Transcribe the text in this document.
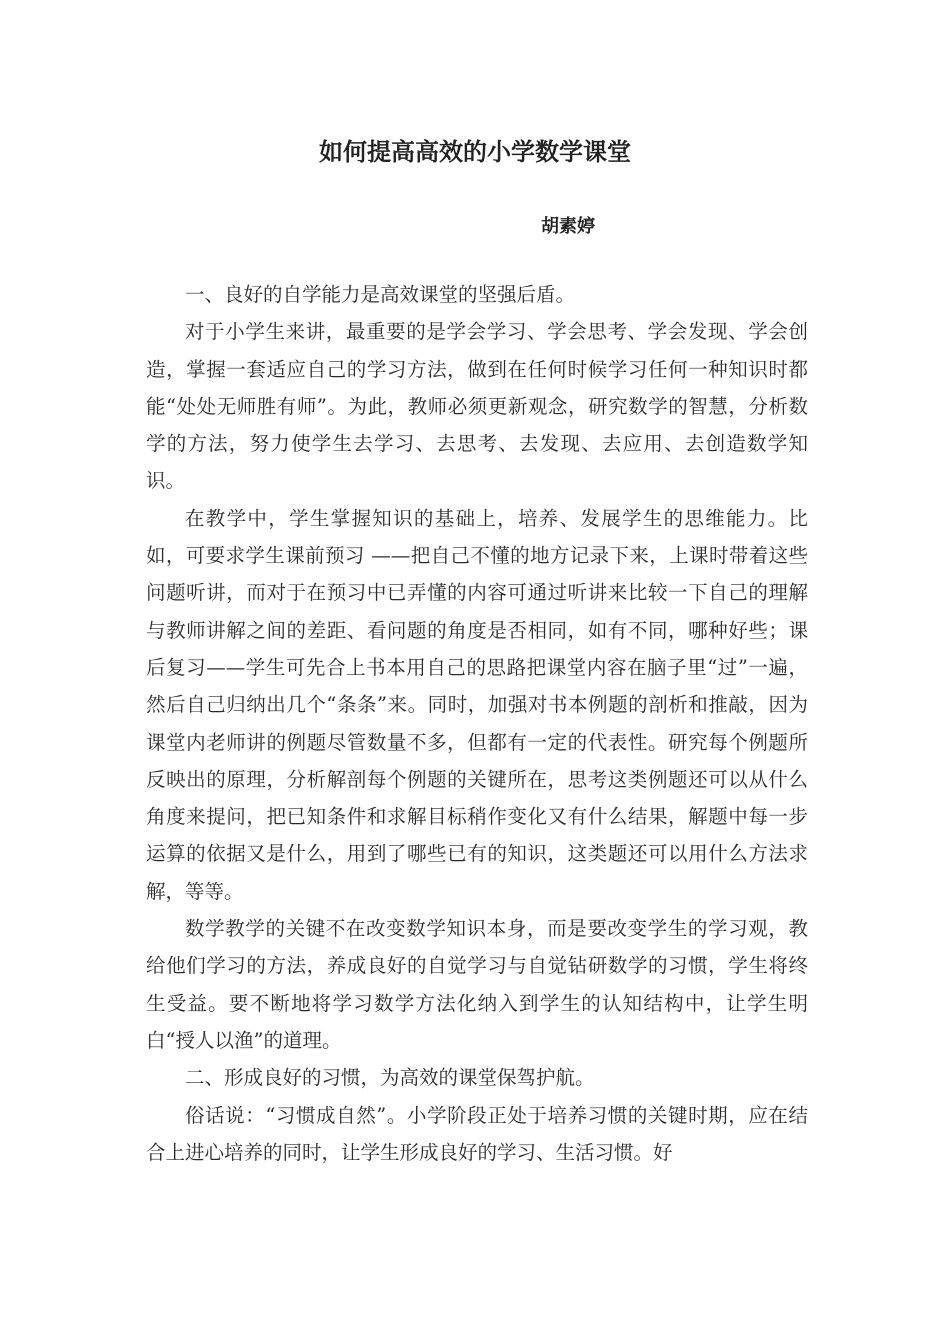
如何提高高效的小学数学课堂
胡素婷

一、良好的自学能力是高效课堂的坚强后盾。

对于小学生来讲，最重要的是学会学习、学会思考、学会发现、学会创造，掌握一套适应自己的学习方法，做到在任何时候学习任何一种知识时都能“处处无师胜有师”。为此，教师必须更新观念，研究数学的智慧，分析数学的方法，努力使学生去学习、去思考、去发现、去应用、去创造数学知识。

在教学中，学生掌握知识的基础上，培养、发展学生的思维能力。比如，可要求学生课前预习 ——把自己不懂的地方记录下来，上课时带着这些问题听讲，而对于在预习中已弄懂的内容可通过听讲来比较一下自己的理解与教师讲解之间的差距、看问题的角度是否相同，如有不同，哪种好些；课后复习——学生可先合上书本用自己的思路把课堂内容在脑子里“过”一遍，然后自己归纳出几个“条条”来。同时，加强对书本例题的剖析和推敲，因为课堂内老师讲的例题尽管数量不多，但都有一定的代表性。研究每个例题所反映出的原理，分析解剖每个例题的关键所在，思考这类例题还可以从什么角度来提问，把已知条件和求解目标稍作变化又有什么结果，解题中每一步运算的依据又是什么，用到了哪些已有的知识，这类题还可以用什么方法求解，等等。

数学教学的关键不在改变数学知识本身，而是要改变学生的学习观，教给他们学习的方法，养成良好的自觉学习与自觉钻研数学的习惯，学生将终生受益。要不断地将学习数学方法化纳入到学生的认知结构中，让学生明白“授人以渔”的道理。

二、形成良好的习惯，为高效的课堂保驾护航。

俗话说：“习惯成自然”。小学阶段正处于培养习惯的关键时期，应在结合上进心培养的同时，让学生形成良好的学习、生活习惯。好
